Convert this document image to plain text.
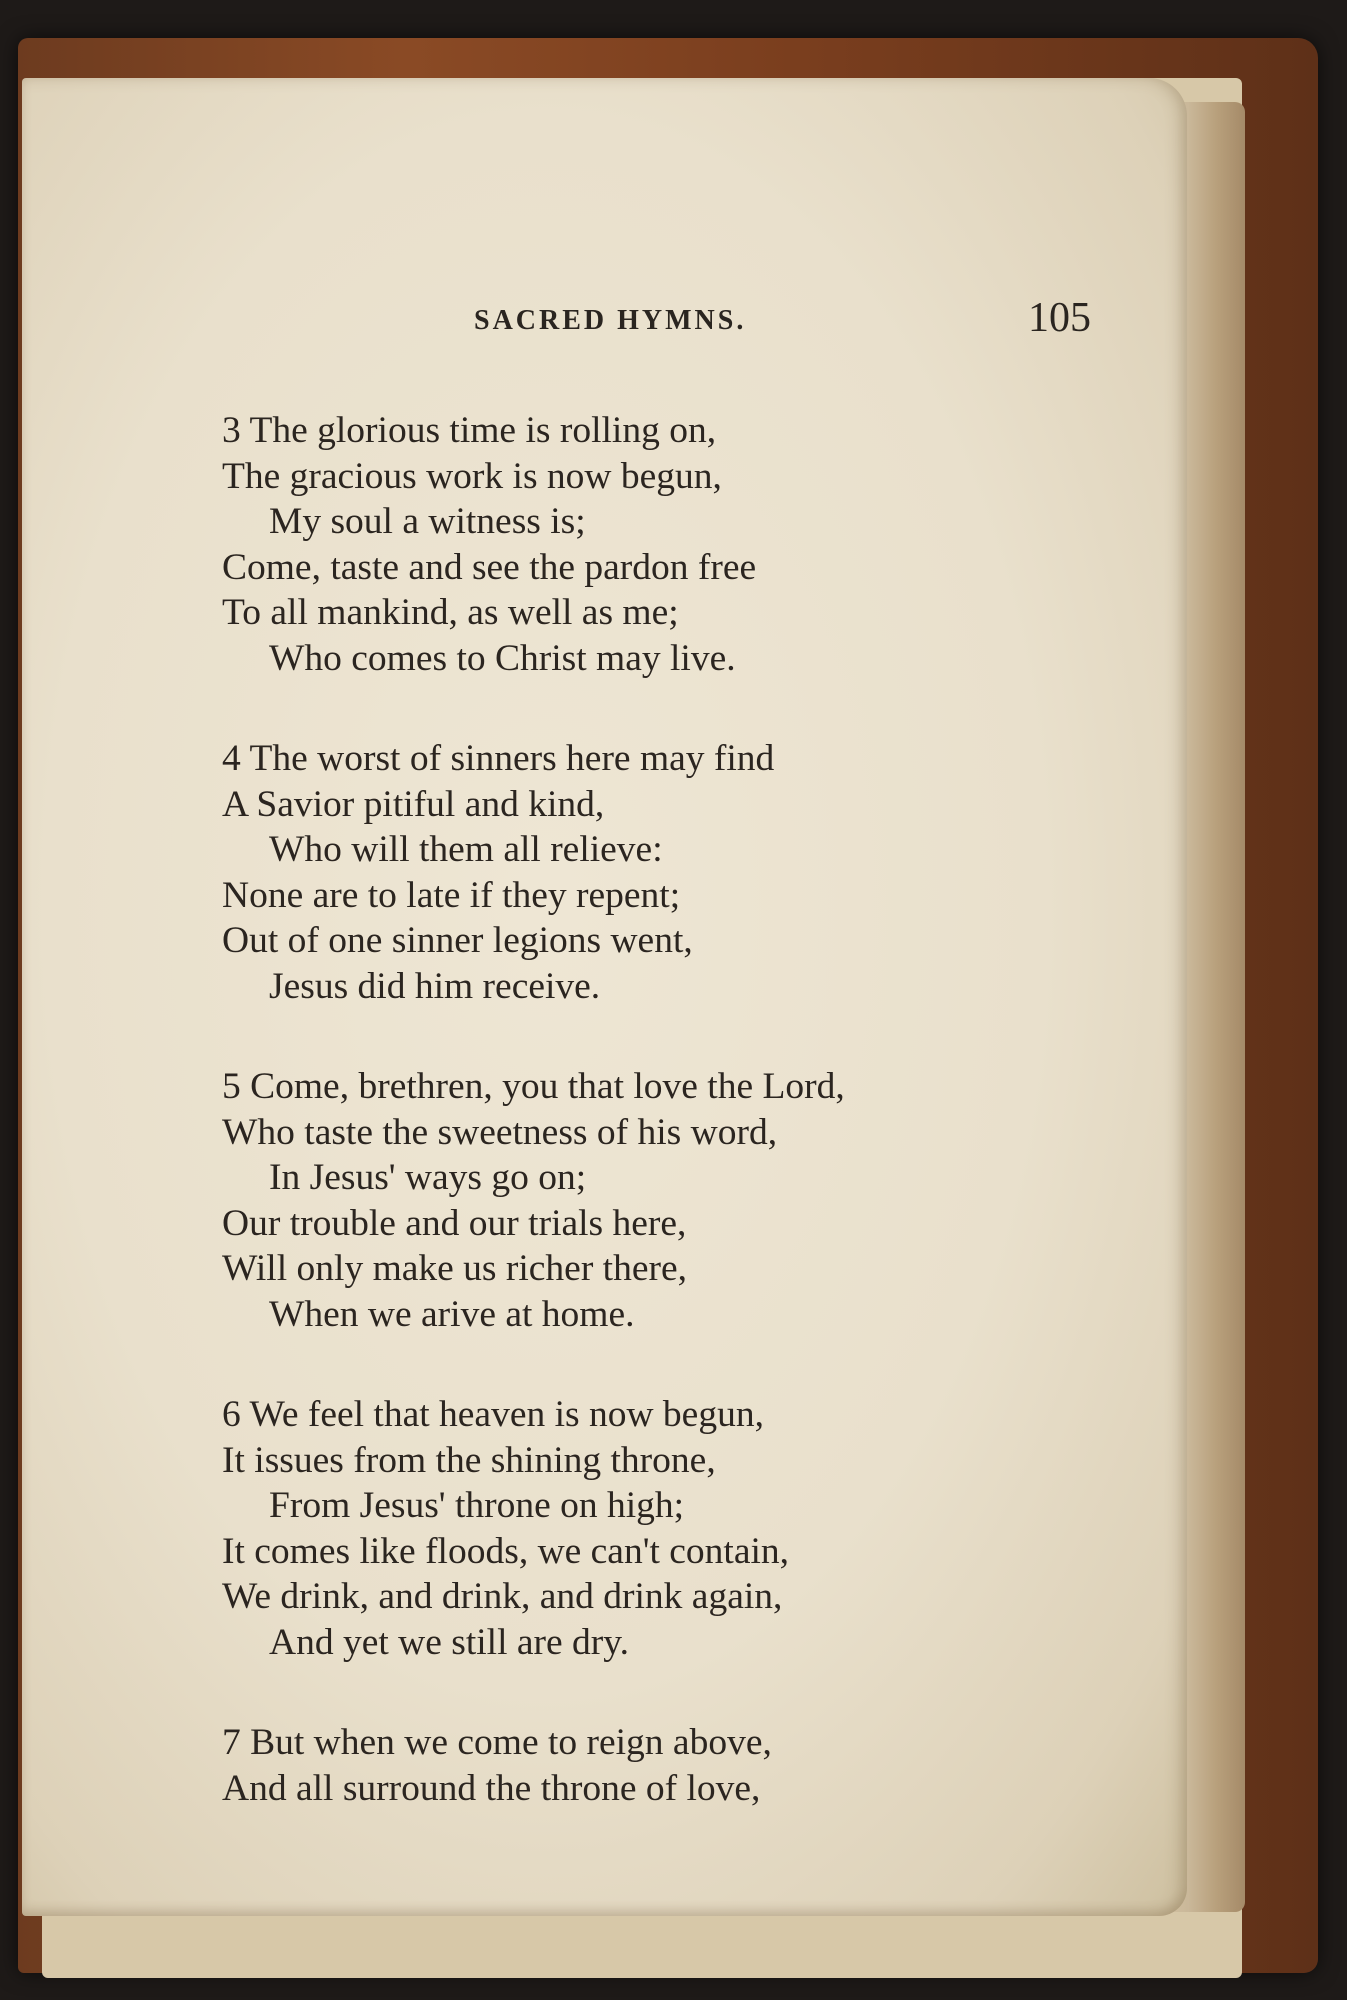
SACRED HYMNS.	105
3 The glorious time is rolling on,
The gracious work is now begun,
My soul a witness is;
Come, taste and see the pardon free
To all mankind, as well as me;
Who comes to Christ may live.
4 The worst of sinners here may find
A Savior pitiful and kind,
Who will them all relieve:
None are to late if they repent;
Out of one sinner legions went,
Jesus did him receive.
5 Come, brethren, you that love the Lord,
Who taste the sweetness of his word,
In Jesus' ways go on;
Our trouble and our trials here,
Will only make us richer there,
When we arive at home.
6 We feel that heaven is now begun,
It issues from the shining throne,
From Jesus' throne on high;
It comes like floods, we can't contain,
We drink, and drink, and drink again,
And yet we still are dry.
7 But when we come to reign above,
And all surround the throne of love,
